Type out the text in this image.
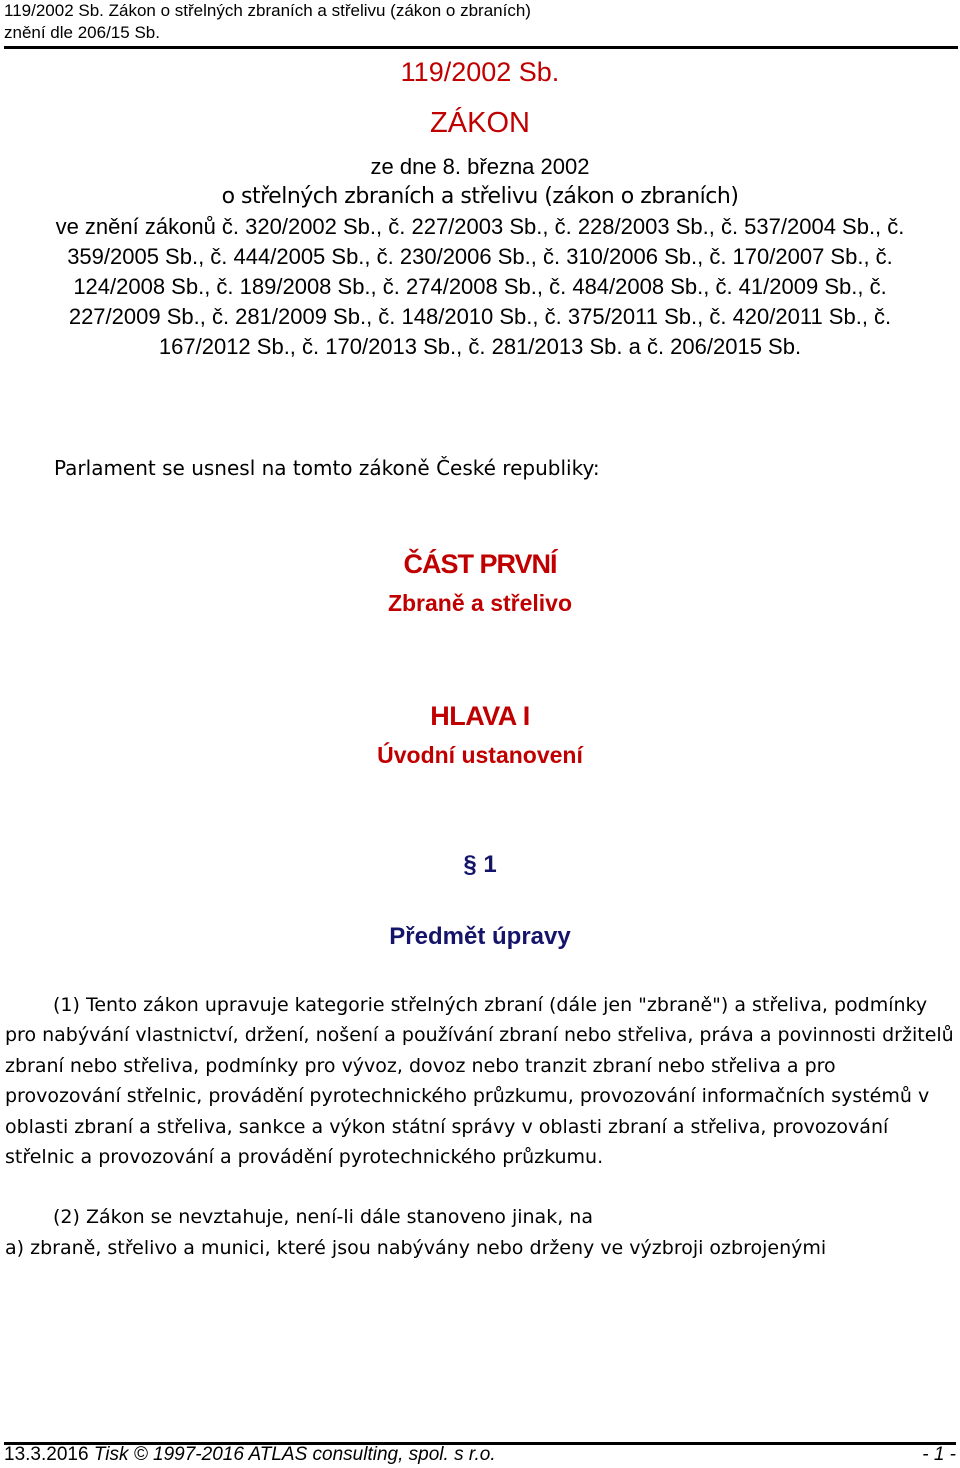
119/2002 Sb. Zákon o střelných zbraních a střelivu (zákon o zbraních)
znění dle 206/15 Sb.
119/2002 Sb.
ZÁKON
ze dne 8. března 2002
o střelných zbraních a střelivu (zákon o zbraních)
ve znění zákonů č. 320/2002 Sb., č. 227/2003 Sb., č. 228/2003 Sb., č. 537/2004 Sb., č. 359/2005 Sb., č. 444/2005 Sb., č. 230/2006 Sb., č. 310/2006 Sb., č. 170/2007 Sb., č. 124/2008 Sb., č. 189/2008 Sb., č. 274/2008 Sb., č. 484/2008 Sb., č. 41/2009 Sb., č. 227/2009 Sb., č. 281/2009 Sb., č. 148/2010 Sb., č. 375/2011 Sb., č. 420/2011 Sb., č. 167/2012 Sb., č. 170/2013 Sb., č. 281/2013 Sb. a č. 206/2015 Sb.
Parlament se usnesl na tomto zákoně České republiky:
ČÁST PRVNÍ
Zbraně a střelivo
HLAVA I
Úvodní ustanovení
§ 1
Předmět úpravy

(1) Tento zákon upravuje kategorie střelných zbraní (dále jen "zbraně") a střeliva, podmínky pro nabývání vlastnictví, držení, nošení a používání zbraní nebo střeliva, práva a povinnosti držitelů zbraní nebo střeliva, podmínky pro vývoz, dovoz nebo tranzit zbraní nebo střeliva a pro provozování střelnic, provádění pyrotechnického průzkumu, provozování informačních systémů v oblasti zbraní a střeliva, sankce a výkon státní správy v oblasti zbraní a střeliva, provozování střelnic a provozování a provádění pyrotechnického průzkumu.

(2) Zákon se nevztahuje, není-li dále stanoveno jinak, na

a) zbraně, střelivo a munici, které jsou nabývány nebo drženy ve výzbroji ozbrojenými

13.3.2016 Tisk © 1997-2016 ATLAS consulting, spol. s r.o.	- 1 -
